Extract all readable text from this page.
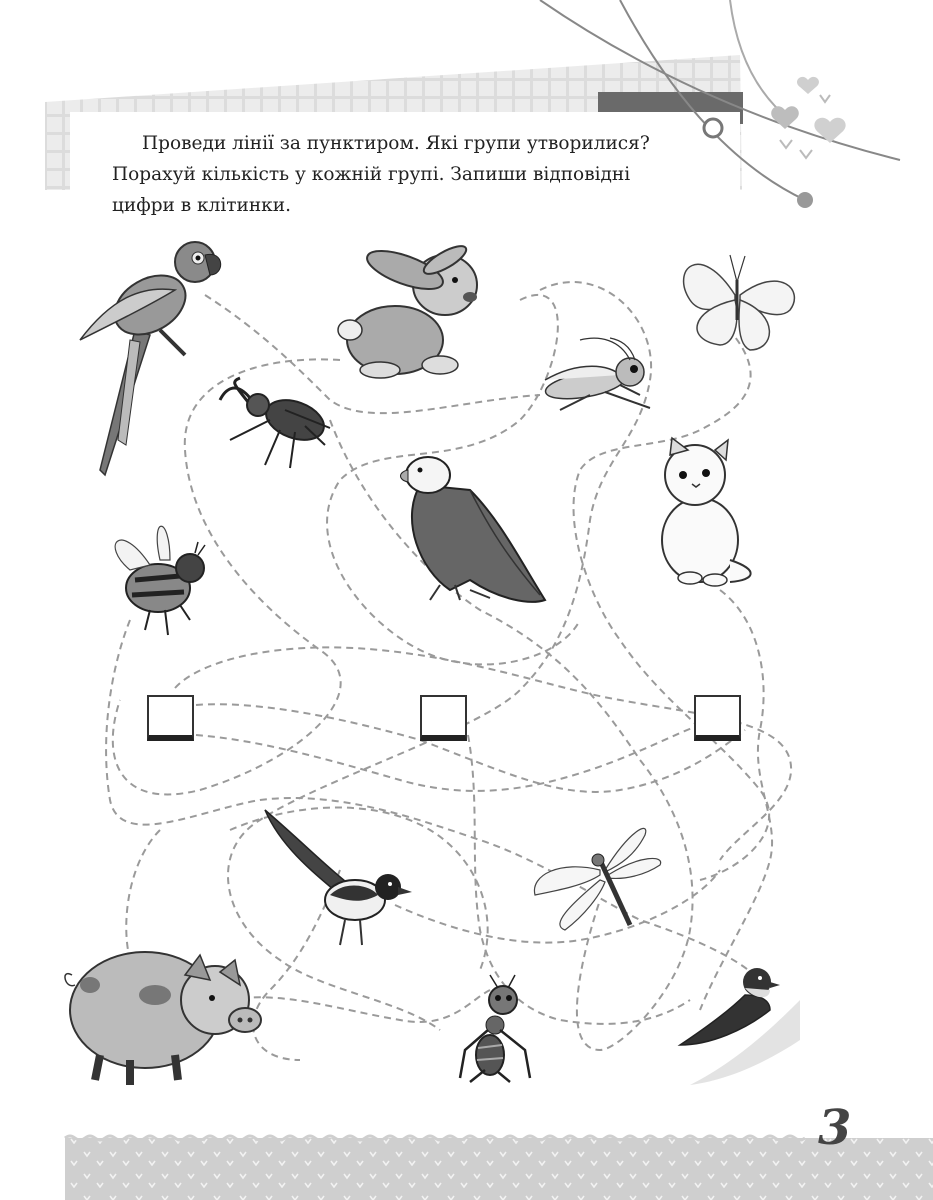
Проведи лінії за пунктиром. Які групи утворилися? Порахуй кількість у кожній групі. Запиши відповідні цифри в клітинки.

3
